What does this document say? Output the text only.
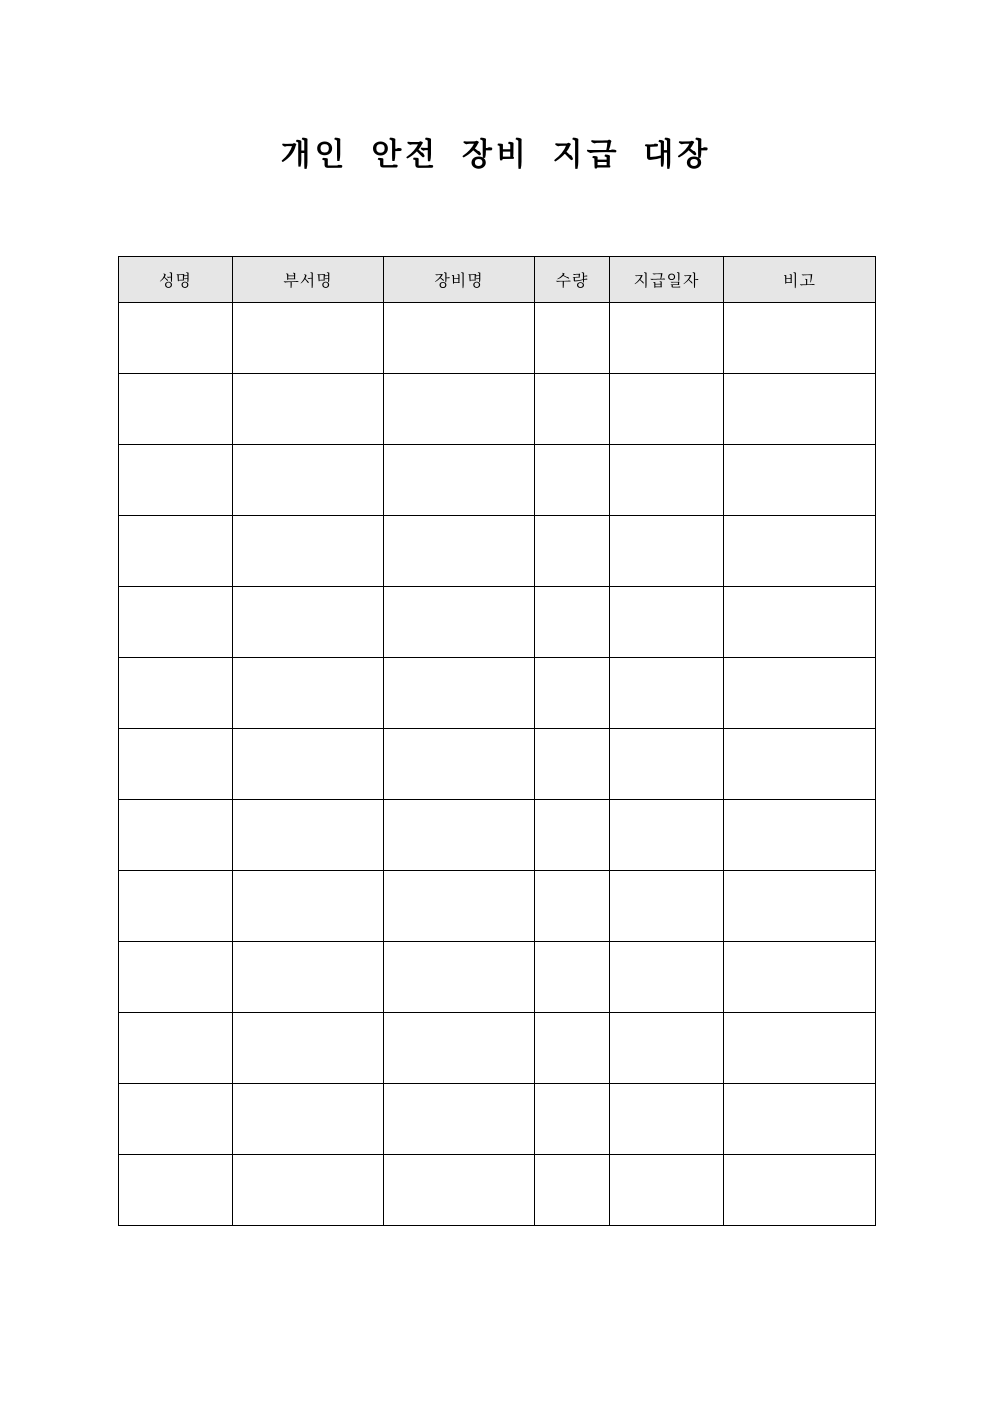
개인 안전 장비 지급 대장
성명	부서명	장비명	수량	지급일자	비고
